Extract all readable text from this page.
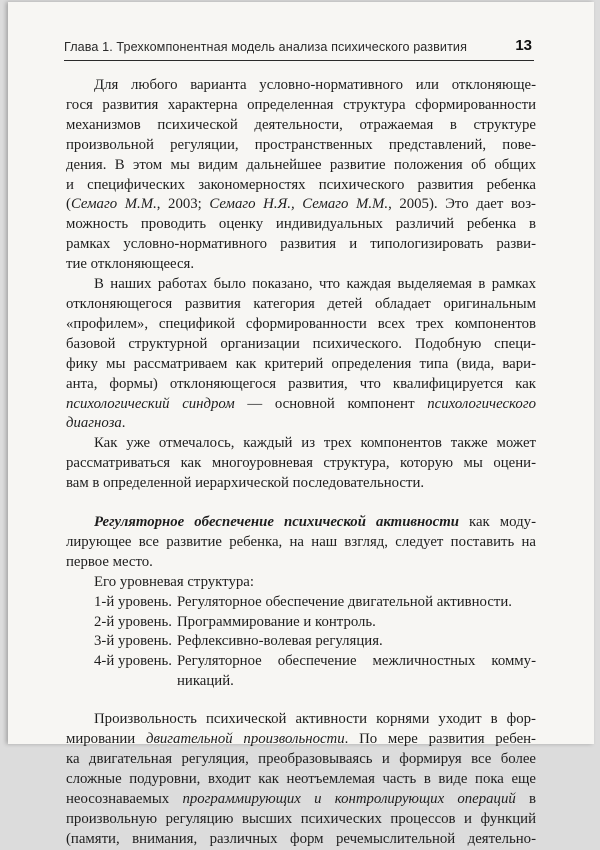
Глава 1. Трехкомпонентная модель анализа психического развития	13
Для любого варианта условно-нормативного или отклоняюще-
гося развития характерна определенная структура сформированности
механизмов психической деятельности, отражаемая в структуре
произвольной регуляции, пространственных представлений, пове-
дения. В этом мы видим дальнейшее развитие положения об общих
и специфических закономерностях психического развития ребенка
(Семаго М.М., 2003; Семаго Н.Я., Семаго М.М., 2005). Это дает воз-
можность проводить оценку индивидуальных различий ребенка в
рамках условно-нормативного развития и типологизировать разви-
тие отклоняющееся.
В наших работах было показано, что каждая выделяемая в рамках
отклоняющегося развития категория детей обладает оригинальным
«профилем», спецификой сформированности всех трех компонентов
базовой структурной организации психического. Подобную специ-
фику мы рассматриваем как критерий определения типа (вида, вари-
анта, формы) отклоняющегося развития, что квалифицируется как
психологический синдром — основной компонент психологического
диагноза.
Как уже отмечалось, каждый из трех компонентов также может
рассматриваться как многоуровневая структура, которую мы оцени-
вам в определенной иерархической последовательности.
Регуляторное обеспечение психической активности как моду-
лирующее все развитие ребенка, на наш взгляд, следует поставить на
первое место.
Его уровневая структура:
1-й уровень. Регуляторное обеспечение двигательной активности.
2-й уровень. Программирование и контроль.
3-й уровень. Рефлексивно-волевая регуляция.
4-й уровень. Регуляторное обеспечение межличностных комму-
никаций.
Произвольность психической активности корнями уходит в фор-
мировании двигательной произвольности. По мере развития ребен-
ка двигательная регуляция, преобразовываясь и формируя все более
сложные подуровни, входит как неотъемлемая часть в виде пока еще
неосознаваемых программирующих и контролирующих операций в
произвольную регуляцию высших психических процессов и функций
(памяти, внимания, различных форм речемыслительной деятельно-
